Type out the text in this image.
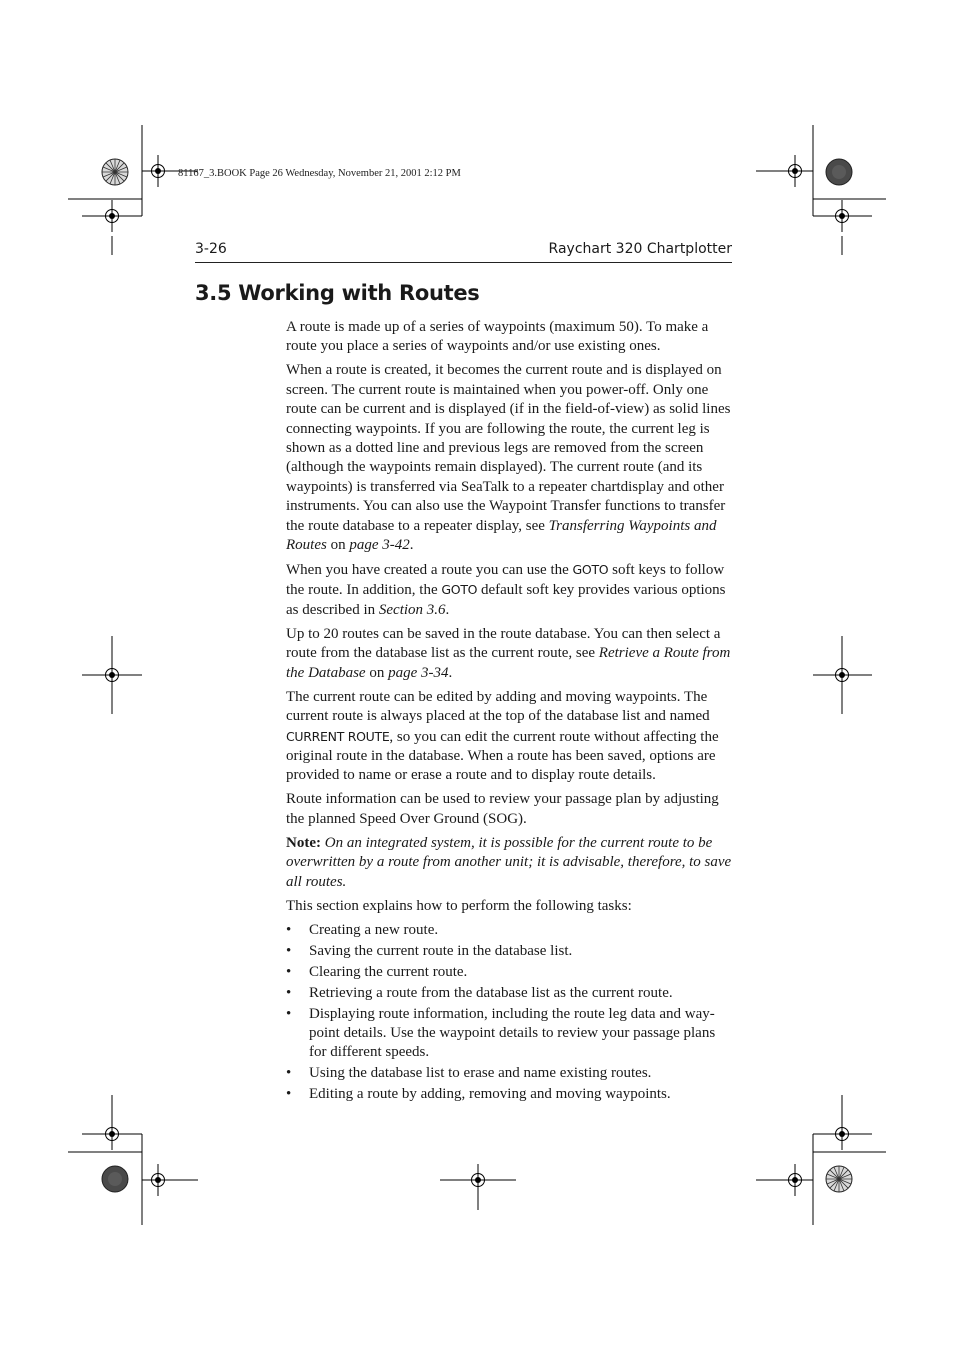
81167_3.BOOK Page 26 Wednesday, November 21, 2001 2:12 PM
3-26	Raychart 320 Chartplotter
3.5 Working with Routes

A route is made up of a series of waypoints (maximum 50). To make a route you place a series of waypoints and/or use existing ones.

When a route is created, it becomes the current route and is displayed on screen. The current route is maintained when you power-off. Only one route can be current and is displayed (if in the field-of-view) as solid lines connecting waypoints. If you are following the route, the current leg is shown as a dotted line and previous legs are removed from the screen (although the waypoints remain displayed). The current route (and its waypoints) is transferred via SeaTalk to a repeater chartdisplay and other instruments. You can also use the Waypoint Transfer functions to transfer the route database to a repeater display, see Transferring Waypoints and Routes on page 3-42.

When you have created a route you can use the GOTO soft keys to follow the route. In addition, the GOTO default soft key provides various options as described in Section 3.6.

Up to 20 routes can be saved in the route database. You can then select a route from the database list as the current route, see Retrieve a Route from the Database on page 3-34.

The current route can be edited by adding and moving waypoints. The current route is always placed at the top of the database list and named CURRENT ROUTE, so you can edit the current route without affecting the original route in the database. When a route has been saved, options are provided to name or erase a route and to display route details.

Route information can be used to review your passage plan by adjusting the planned Speed Over Ground (SOG).

Note: On an integrated system, it is possible for the current route to be overwritten by a route from another unit; it is advisable, therefore, to save all routes.

This section explains how to perform the following tasks:

• Creating a new route.
• Saving the current route in the database list.
• Clearing the current route.
• Retrieving a route from the database list as the current route.
• Displaying route information, including the route leg data and way-point details. Use the waypoint details to review your passage plans for different speeds.
• Using the database list to erase and name existing routes.
• Editing a route by adding, removing and moving waypoints.
